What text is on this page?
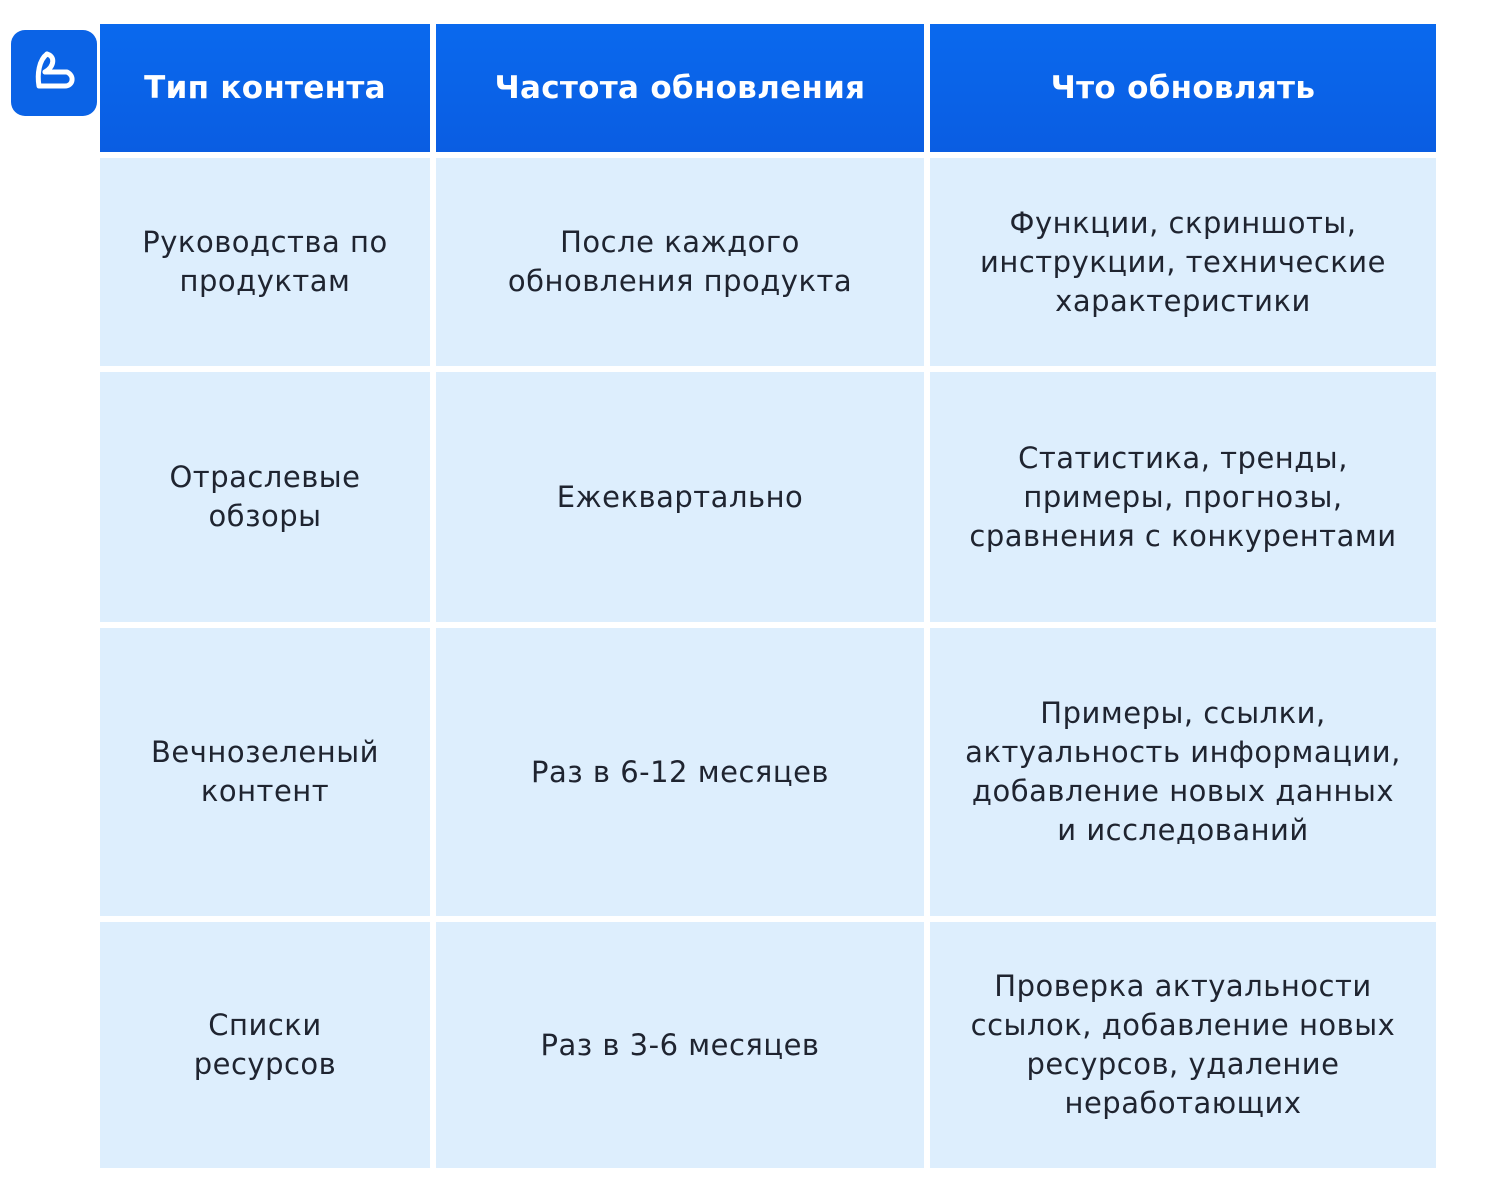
Тип контента	Частота обновления	Что обновлять
Руководства по
продуктам
После каждого
обновления продукта
Функции, скриншоты,
инструкции, технические
характеристики
Отраслевые
обзоры
Ежеквартально
Статистика, тренды,
примеры, прогнозы,
сравнения с конкурентами
Вечнозеленый
контент
Раз в 6-12 месяцев
Примеры, ссылки,
актуальность информации,
добавление новых данных
и исследований
Списки
ресурсов
Раз в 3-6 месяцев
Проверка актуальности
ссылок, добавление новых
ресурсов, удаление
неработающих
